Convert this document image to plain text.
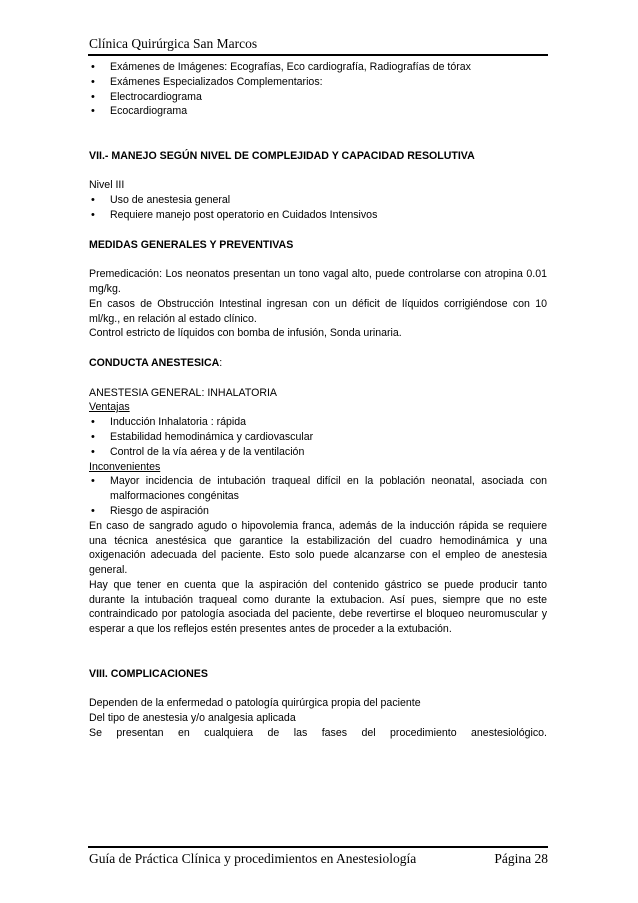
Clínica Quirúrgica San Marcos
• Exámenes de Imágenes: Ecografías, Eco cardiografía, Radiografías de tórax
• Exámenes Especializados Complementarios:
• Electrocardiograma
• Ecocardiograma

VII.- MANEJO SEGÚN NIVEL DE COMPLEJIDAD Y CAPACIDAD RESOLUTIVA

Nivel III

• Uso de anestesia general
• Requiere manejo post operatorio en Cuidados Intensivos

MEDIDAS GENERALES Y PREVENTIVAS

Premedicación: Los neonatos presentan un tono vagal alto, puede controlarse con atropina 0.01 mg/kg.

En casos de Obstrucción Intestinal ingresan con un déficit de líquidos corrigiéndose con 10 ml/kg., en relación al estado clínico.

Control estricto de líquidos con bomba de infusión, Sonda urinaria.

CONDUCTA ANESTESICA:

ANESTESIA GENERAL: INHALATORIA

Ventajas

• Inducción Inhalatoria : rápida
• Estabilidad hemodinámica y cardiovascular
• Control de la vía aérea y de la ventilación

Inconvenientes

• Mayor incidencia de intubación traqueal difícil en la población neonatal, asociada con malformaciones congénitas
• Riesgo de aspiración

En caso de sangrado agudo o hipovolemia franca, además de la inducción rápida se requiere una técnica anestésica que garantice la estabilización del cuadro hemodinámica y una oxigenación adecuada del paciente. Esto solo puede alcanzarse con el empleo de anestesia general.

Hay que tener en cuenta que la aspiración del contenido gástrico se puede producir tanto durante la intubación traqueal como durante la extubacion. Así pues, siempre que no este contraindicado por patología asociada del paciente, debe revertirse el bloqueo neuromuscular y esperar a que los reflejos estén presentes antes de proceder a la extubación.

VIII. COMPLICACIONES

Dependen de la enfermedad o patología quirúrgica propia del paciente

Del tipo de anestesia y/o analgesia aplicada

Se presentan en cualquiera de las fases del procedimiento anestesiológico.

Guía de Práctica Clínica y procedimientos en Anestesiología	Página 28
